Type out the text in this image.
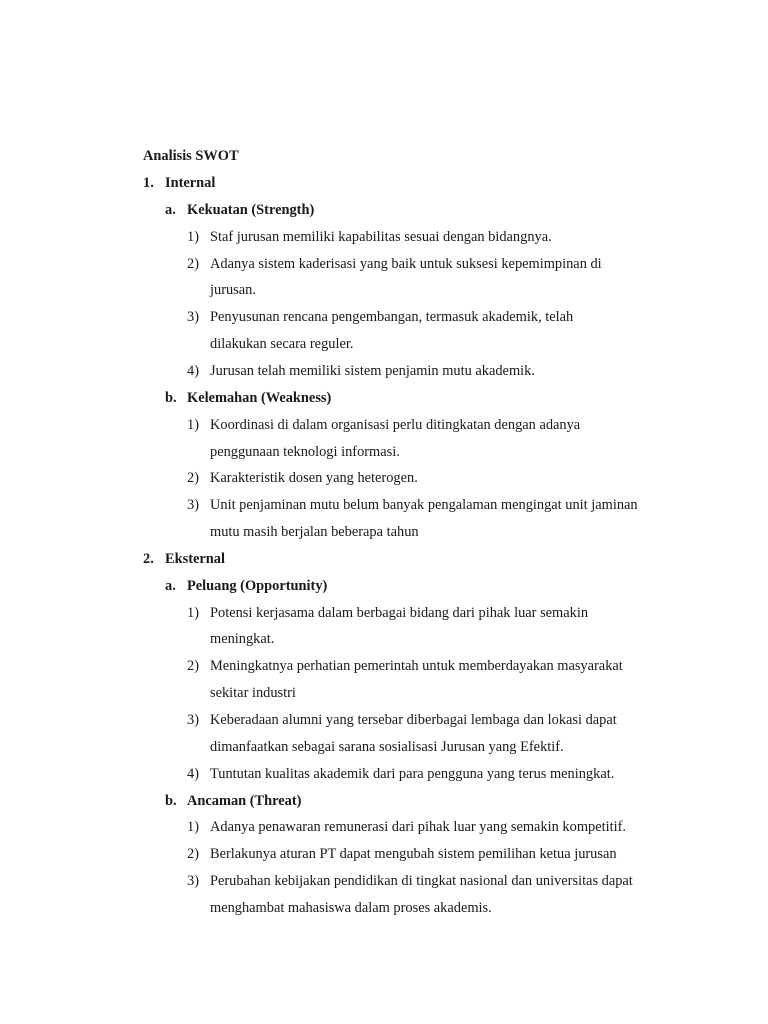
Analisis SWOT
1. Internal
a. Kekuatan (Strength)
1) Staf jurusan memiliki kapabilitas sesuai dengan bidangnya.
2) Adanya sistem kaderisasi yang baik untuk suksesi kepemimpinan di
jurusan.
3) Penyusunan rencana pengembangan, termasuk akademik, telah
dilakukan secara reguler.
4) Jurusan telah memiliki sistem penjamin mutu akademik.
b. Kelemahan (Weakness)
1) Koordinasi di dalam organisasi perlu ditingkatan dengan adanya
penggunaan teknologi informasi.
2) Karakteristik dosen yang heterogen.
3) Unit penjaminan mutu belum banyak pengalaman mengingat unit jaminan
mutu masih berjalan beberapa tahun
2. Eksternal
a. Peluang (Opportunity)
1) Potensi kerjasama dalam berbagai bidang dari pihak luar semakin
meningkat.
2) Meningkatnya perhatian pemerintah untuk memberdayakan masyarakat
sekitar industri
3) Keberadaan alumni yang tersebar diberbagai lembaga dan lokasi dapat
dimanfaatkan sebagai sarana sosialisasi Jurusan yang Efektif.
4) Tuntutan kualitas akademik dari para pengguna yang terus meningkat.
b. Ancaman (Threat)
1) Adanya penawaran remunerasi dari pihak luar yang semakin kompetitif.
2) Berlakunya aturan PT dapat mengubah sistem pemilihan ketua jurusan
3) Perubahan kebijakan pendidikan di tingkat nasional dan universitas dapat
menghambat mahasiswa dalam proses akademis.
